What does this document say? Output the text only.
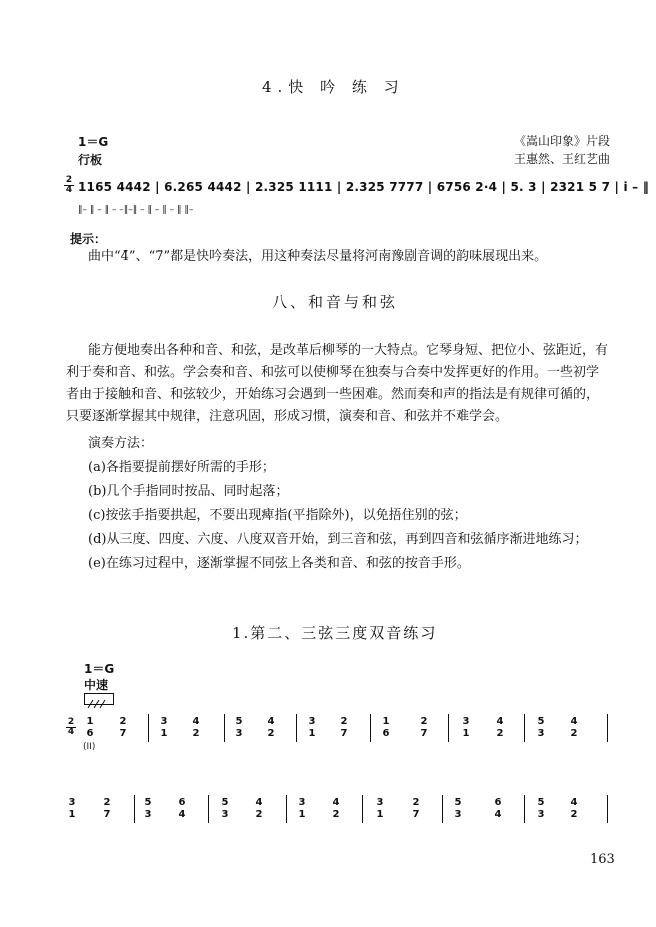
4.快 吟 练 习
1＝G
行板
《嵩山印象》片段
王惠然、王红艺曲
$\frac{2}{4} 1165$ 4442 | 6.265 4442 | 2.325 1111 | 2.325 7777 | 6756 2·4 | 5. 3 | 2321 5 7 | i – ‖
‖– ‖ – ‖ – –‖–‖ – ‖ – ‖ – ‖ ‖–
提示：
曲中“4̈”、“7̈”都是快吟奏法，用这种奏法尽量将河南豫剧音调的韵味展现出来。
八、和音与和弦
能方便地奏出各种和音、和弦，是改革后柳琴的一大特点。它琴身短、把位小、弦距近，有
利于奏和音、和弦。学会奏和音、和弦可以使柳琴在独奏与合奏中发挥更好的作用。一些初学
者由于接触和音、和弦较少，开始练习会遇到一些困难。然而奏和声的指法是有规律可循的，
只要逐渐掌握其中规律，注意巩固，形成习惯，演奏和音、和弦并不难学会。
演奏方法：
(a)各指要提前摆好所需的手形；
(b)几个手指同时按品、同时起落；
(c)按弦手指要拱起，不要出现痺指(平指除外)，以免捂住别的弦；
(d)从三度、四度、六度、八度双音开始，到三音和弦，再到四音和弦循序渐进地练习；
(e)在练习过程中，逐渐掌握不同弦上各类和音、和弦的按音手形。
1.第二、三弦三度双音练习
1＝G
中速
$\frac{2}{4}$
(II)
1
6
2
7
3
1
4
2
5
3
4
2
3
1
2
7
1
6
2
7
3
1
4
2
5
3
4
2
3
1
2
7
5
3
6
4
5
3
4
2
3
1
4
2
3
1
2
7
5
3
6
4
5
3
4
2
163
